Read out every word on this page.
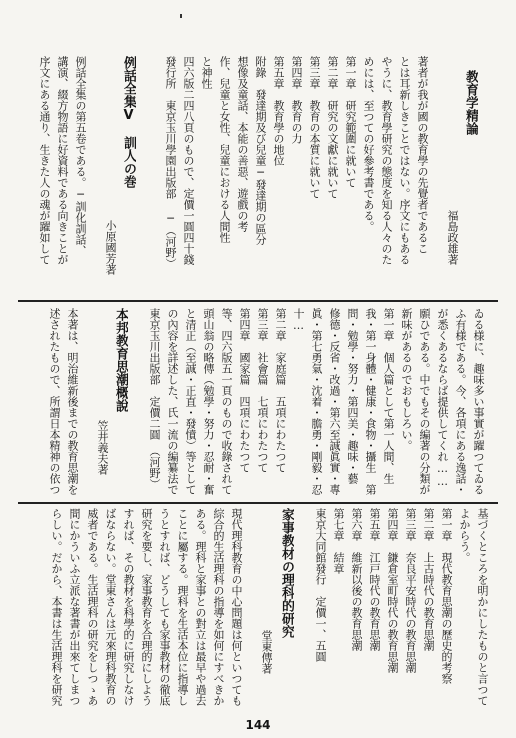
教育学精論
福島政雄著
著者が我が國の教育學の先覺者であるこ
とは耳新しきことではない。序文にもある
やうに、教育學研究の態度を知る人々のた
めには、至つての好參考書である。
第一章　研究範圍に就いて
第二章　研究の文獻に就いて
第三章　教育の本質に就いて
第四章　教育の力
第五章　教育學の地位
附錄　發達期及び兒童─發達期の區分
想像及童話、本能の善惡、遊戲の考
作、兒童と女性、兒童における人間性
と神性
四六版二四八頁のもので、定價一圓四十錢
發行所　東京玉川學園出版部 ─（河野）
例話全集Ⅴ　訓人の巻
小原國芳著
例話全集の第五卷である。─訓化訓話、
講演、綴方物語に好資料である向きことが
序文にある通り、生きた人の魂が躍如して
ゐる様に、趣味多い事實が躍つてゐる
ふ有様である。今、各項にある逸話・
が悉くあるならば提供してくれ……
願ひである。中でもその編著の分類が
新味があるのでおもしろい。
第一章　個人篇として第一人間、生
我・第一身體・健康・食物・攝生　第
問・勉學・努力・第四美・趣味・藝
修德・反省・改過・第六至誠眞實・專
眞・第七勇氣・沈着・膽勇・剛毅・忍
十…
第二章　家庭篇　五項にわたつて
第三章　社會篇　七項にわたつて
第四章　國家篇　四項にわたつて
等、四六版五一頁のもので收錄されて
頭山翁の略傳（勉學・努力・忍耐・奮
と清正（至誠・正直・發憤）等として
の內容を詳述した、氏一流の編纂法で
東京玉川出版部　定價二圓　（河野）
本邦教育思潮概說
笠井義夫著
本著は、明治維新後までの教育思潮を
述されたもので、所謂日本精神の依つ
基づくところを明かにしたものと言つて
よからう。
第一章　現代教育思潮の歷史的考察
第二章　上古時代の教育思潮
第三章　奈良平安時代の教育思潮
第四章　鎌倉室町時代の教育思潮
第五章　江戸時代の教育思潮
第六章　維新以後の教育思潮
第七章　結章
東京大同館發行　定價一、五圓
家事教材の理科的研究
堂東傳著
現代理科教育の中心問題は何といつても
綜合的生活理科の指導を如何にすべきか
ある。理科と家事との對立は最早や過去
ことに屬する。理科を生活本位に指導し
うとすれば、どうしても家事教材の徹底
研究を要し、家事教育を合理的にしよう
すれば、その教材を科學的に研究しなけ
ばならない。堂東さんは元來理科教育の
威者である。生活理科の研究をしつゝあ
間にかういふ立派な著書が出來てしまつ
らしい。だから、本書は生活理科を研究
144
